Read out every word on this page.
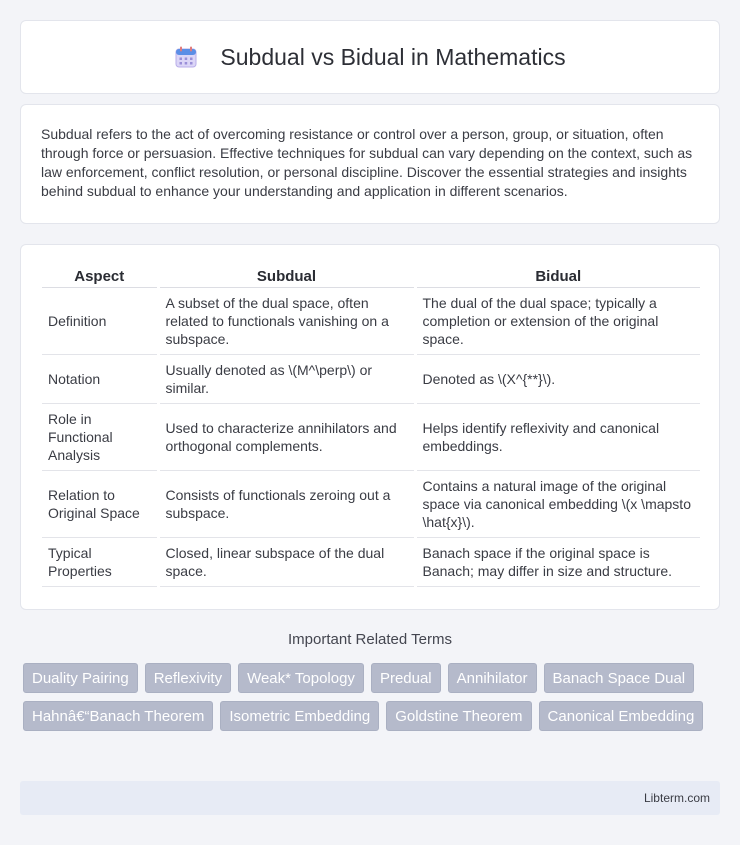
Subdual vs Bidual in Mathematics

Subdual refers to the act of overcoming resistance or control over a person, group, or situation, often through force or persuasion. Effective techniques for subdual can vary depending on the context, such as law enforcement, conflict resolution, or personal discipline. Discover the essential strategies and insights behind subdual to enhance your understanding and application in different scenarios.

Aspect	Subdual	Bidual
Definition	A subset of the dual space, often related to functionals vanishing on a subspace.	The dual of the dual space; typically a completion or extension of the original space.
Notation	Usually denoted as \(M^\perp\) or similar.	Denoted as \(X^{**}\).
Role in Functional Analysis	Used to characterize annihilators and orthogonal complements.	Helps identify reflexivity and canonical embeddings.
Relation to Original Space	Consists of functionals zeroing out a subspace.	Contains a natural image of the original space via canonical embedding \(x \mapsto \hat{x}\).
Typical Properties	Closed, linear subspace of the dual space.	Banach space if the original space is Banach; may differ in size and structure.
Important Related Terms
Duality Pairing	Reflexivity	Weak* Topology	Predual	Annihilator	Banach Space Dual
Hahnâ€“Banach Theorem	Isometric Embedding	Goldstine Theorem	Canonical Embedding
Libterm.com
